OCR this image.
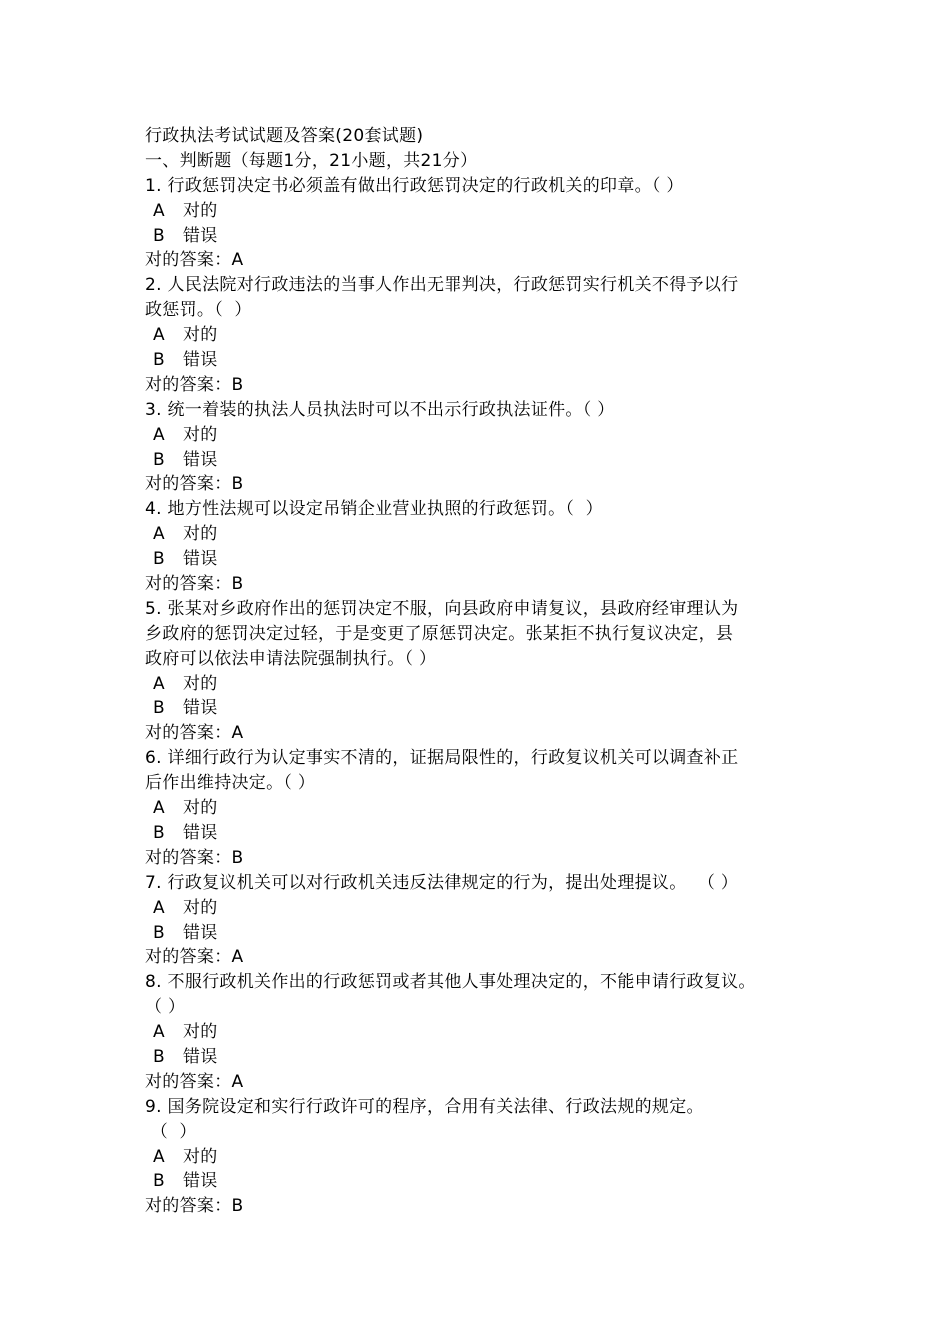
行政执法考试试题及答案(20套试题)
一、判断题（每题1分，21小题，共21分）
1. 行政惩罚决定书必须盖有做出行政惩罚决定的行政机关的印章。（ ）
A 对的
B 错误
对的答案：A
2. 人民法院对行政违法的当事人作出无罪判决，行政惩罚实行机关不得予以行
政惩罚。（  ）
A 对的
B 错误
对的答案：B
3. 统一着装的执法人员执法时可以不出示行政执法证件。（ ）
A 对的
B 错误
对的答案：B
4. 地方性法规可以设定吊销企业营业执照的行政惩罚。（  ）
A 对的
B 错误
对的答案：B
5. 张某对乡政府作出的惩罚决定不服，向县政府申请复议，县政府经审理认为
乡政府的惩罚决定过轻，于是变更了原惩罚决定。张某拒不执行复议决定，县
政府可以依法申请法院强制执行。（ ）
A 对的
B 错误
对的答案：A
6. 详细行政行为认定事实不清的，证据局限性的，行政复议机关可以调查补正
后作出维持决定。（ ）
A 对的
B 错误
对的答案：B
7. 行政复议机关可以对行政机关违反法律规定的行为，提出处理提议。  （ ）
A 对的
B 错误
对的答案：A
8. 不服行政机关作出的行政惩罚或者其他人事处理决定的，不能申请行政复议。
（ ）
A 对的
B 错误
对的答案：A
9. 国务院设定和实行行政许可的程序，合用有关法律、行政法规的规定。
（  ）
A 对的
B 错误
对的答案：B
